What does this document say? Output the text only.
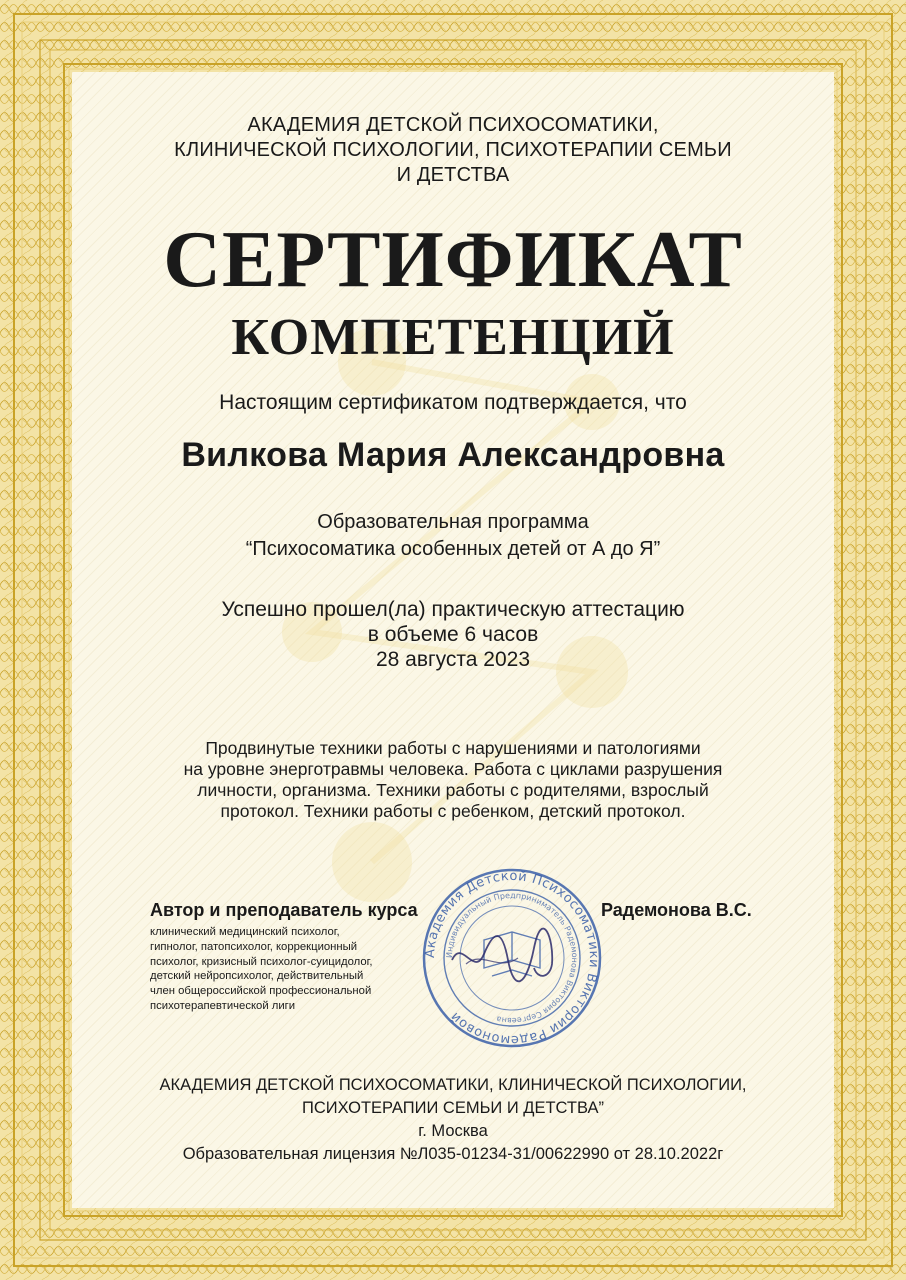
АКАДЕМИЯ ДЕТСКОЙ ПСИХОСОМАТИКИ,
КЛИНИЧЕСКОЙ ПСИХОЛОГИИ, ПСИХОТЕРАПИИ СЕМЬИ
И ДЕТСТВА
СЕРТИФИКАТ
КОМПЕТЕНЦИЙ
Настоящим сертификатом подтверждается, что
Вилкова Мария Александровна
Образовательная программа
“Психосоматика особенных детей от А до Я”
Успешно прошел(ла) практическую аттестацию
в объеме 6 часов
28 августа 2023
Продвинутые техники работы с нарушениями и патологиями
на уровне энерготравмы человека. Работа с циклами разрушения
личности, организма. Техники работы с родителями, взрослый
протокол. Техники работы с ребенком, детский протокол.
Автор и преподаватель курса
клинический медицинский психолог,
гипнолог, патопсихолог, коррекционный
психолог, кризисный психолог-суицидолог,
детский нейропсихолог, действительный
член общероссийской профессиональной
психотерапевтической лиги
Радемонова В.С.
Академия Детской Психосоматики Виктории Радемоновой
Индивидуальный Предприниматель Радемонова Виктория Сергеевна
АКАДЕМИЯ ДЕТСКОЙ ПСИХОСОМАТИКИ, КЛИНИЧЕСКОЙ ПСИХОЛОГИИ,
ПСИХОТЕРАПИИ СЕМЬИ И ДЕТСТВА”
г. Москва
Образовательная лицензия №Л035-01234-31/00622990 от 28.10.2022г
